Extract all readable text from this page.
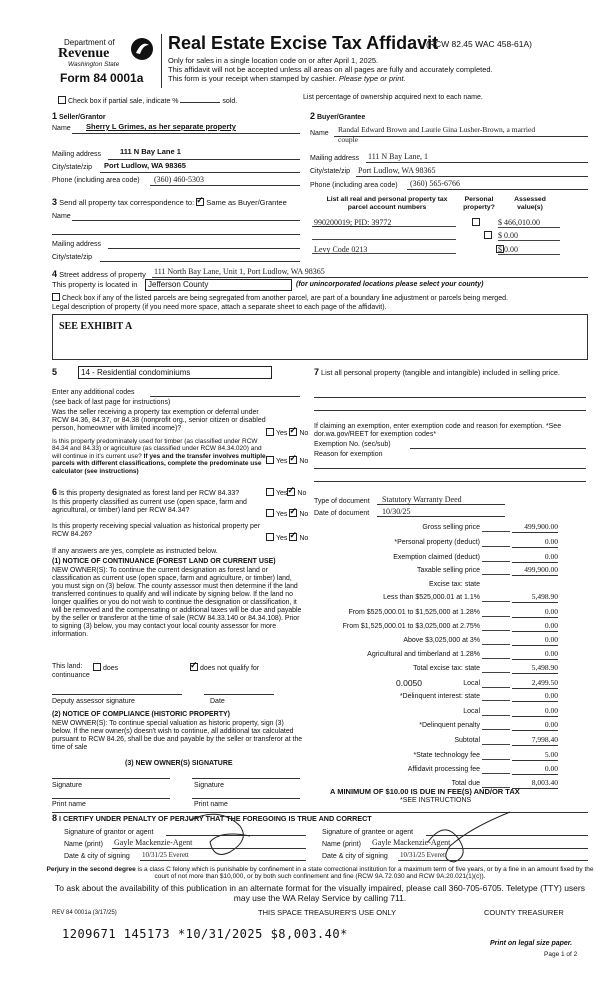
Department of
Revenue
Washington State
Form 84 0001a
Real Estate Excise Tax Affidavit
(RCW 82.45 WAC 458-61A)
Only for sales in a single location code on or after April 1, 2025.
This affidavit will not be accepted unless all areas on all pages are fully and accurately completed.
This form is your receipt when stamped by cashier. Please type or print.
Check box if partial sale, indicate %	sold.
List percentage of ownership acquired next to each name.
1 Seller/Grantor
Name Sherry L Grimes, as her separate property
Mailing address	111 N Bay Lane 1
City/state/zip Port Ludlow, WA 98365
Phone (including area code) (360) 460-5303
2 Buyer/Grantee
Name Randal Edward Brown and Laurie Gina Lusher-Brown, a married
couple
Mailing address 111 N Bay Lane, 1
City/state/zip Port Ludlow, WA 98365
Phone (including area code) (360) 565-6766
3 Send all property tax correspondence to: ✓ Same as Buyer/Grantee
Name
Mailing address
City/state/zip
List all real and personal property tax
parcel account numbers
Personal
property?
Assessed
value(s)
990200019; PID: 39772
	$ 466,010.00

$ 0.00
Levy Code 0213	$ 0.00
4 Street address of property 111 North Bay Lane, Unit 1, Port Ludlow, WA 98365
This property is located in	Jefferson County	(for unincorporated locations please select your county)
Check box if any of the listed parcels are being segregated from another parcel, are part of a boundary line adjustment or parcels being merged.
Legal description of property (if you need more space, attach a separate sheet to each page of the affidavit).
SEE EXHIBIT A
5	14 - Residential condominiums
Enter any additional codes
(see back of last page for instructions)
Was the seller receiving a property tax exemption or deferral under RCW 84.36, 84.37, or 84.38 (nonprofit org., senior citizen or disabled person, homeowner with limited income)?
Yes ✓ No
Is this property predominately used for timber (as classified under RCW 84.34 and 84.33) or agriculture (as classified under RCW 84.34.020) and will continue in it's current use? If yes and the transfer involves multiple parcels with different classifications, complete the predominate use calculator (see instructions)
Yes ✓ No
6 Is this property designated as forest land per RCW 84.33?	Yes ✓ No
Is this property classified as current use (open space, farm and agricultural, or timber) land per RCW 84.34?
Yes ✓ No
Is this property receiving special valuation as historical property per RCW 84.26?
Yes ✓ No
If any answers are yes, complete as instructed below.
(1) NOTICE OF CONTINUANCE (FOREST LAND OR CURRENT USE)
NEW OWNER(S): To continue the current designation as forest land or classification as current use (open space, farm and agriculture, or timber) land, you must sign on (3) below. The county assessor must then determine if the land transferred continues to qualify and will indicate by signing below. If the land no longer qualifies or you do not wish to continue the designation or classification, it will be removed and the compensating or additional taxes will be due and payable by the seller or transferor at the time of sale (RCW 84.33.140 or 84.34.108). Prior to signing (3) below, you may contact your local county assessor for more information.
This land:
continuance
does ✓	does not qualify for
Deputy assessor signature	Date
(2) NOTICE OF COMPLIANCE (HISTORIC PROPERTY)
NEW OWNER(S): To continue special valuation as historic property, sign (3) below. If the new owner(s) doesn't wish to continue, all additional tax calculated pursuant to RCW 84.26, shall be due and payable by the seller or transferor at the time of sale
(3) NEW OWNER(S) SIGNATURE
Signature	Signature
Print name	Print name
7 List all personal property (tangible and intangible) included in selling price.
If claiming an exemption, enter exemption code and reason for exemption. *See dor.wa.gov/REET for exemption codes*
Exemption No. (sec/sub)
Reason for exemption
Type of document Statutory Warranty Deed
Date of document 10/30/25
Gross selling price	499,900.00
*Personal property (deduct)	0.00
Exemption claimed (deduct)	0.00
Taxable selling price	499,900.00
Excise tax: state
Less than $525,000.01 at 1.1%	5,498.90
From $525,000.01 to $1,525,000 at 1.28%	0.00
From $1,525,000.01 to $3,025,000 at 2.75%	0.00
Above $3,025,000 at 3%	0.00
Agricultural and timberland at 1.28%	0.00
Total excise tax: state	5,498.90
Local	2,499.50
0.0050
*Delinquent interest: state	0.00
Local	0.00
*Delinquent penalty	0.00
Subtotal	7,998.40
*State technology fee	5.00
Affidavit processing fee	0.00
Total due	8,003.40
A MINIMUM OF $10.00 IS DUE IN FEE(S) AND/OR TAX
*SEE INSTRUCTIONS
8 I CERTIFY UNDER PENALTY OF PERJURY THAT THE FOREGOING IS TRUE AND CORRECT
Signature of grantor or agent
Name (print) Gayle Mackenzie-Agent
Date & city of signing 10/31/25 Everett
Signature of grantee or agent
Name (print) Gayle Mackenzie-Agent
Date & city of signing 10/31/25 Everett
Perjury in the second degree is a class C felony which is punishable by confinement in a state correctional institution for a maximum term of five years, or by a fine in an amount fixed by the court of not more than $10,000, or by both such confinement and fine (RCW 9A.72.030 and RCW 9A.20.021(1)(c)).
To ask about the availability of this publication in an alternate format for the visually impaired, please call 360-705-6705. Teletype (TTY) users may use the WA Relay Service by calling 711.
REV 84 0001a (3/17/25)	THIS SPACE TREASURER'S USE ONLY	COUNTY TREASURER
1209671 145173 *10/31/2025 $8,003.40*
Print on legal size paper.
Page 1 of 2
